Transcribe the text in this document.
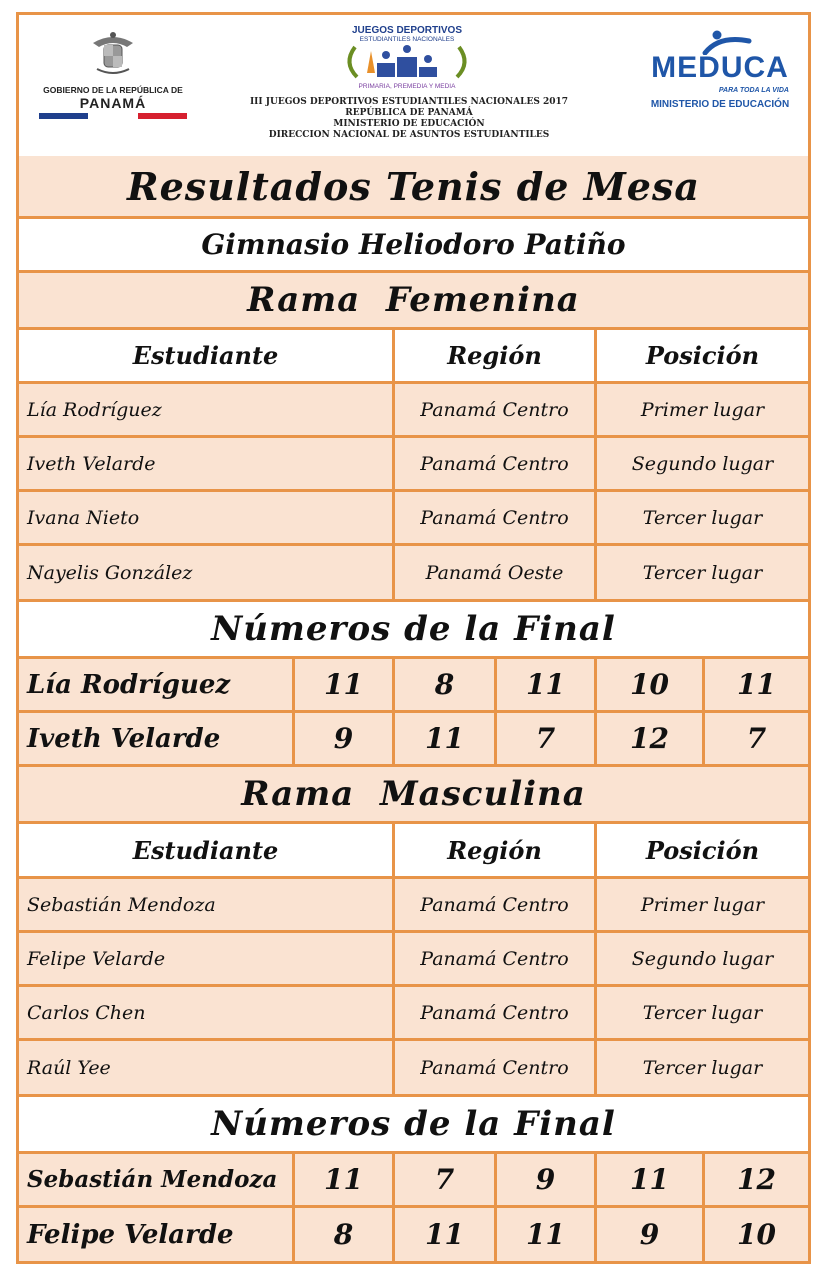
GOBIERNO DE LA REPÚBLICA DE
PANAMÁ
JUEGOS DEPORTIVOS
ESTUDIANTILES NACIONALES
PRIMARIA, PREMEDIA Y MEDIA
III JUEGOS DEPORTIVOS ESTUDIANTILES NACIONALES 2017
REPÚBLICA DE PANAMÁ
MINISTERIO DE EDUCACIÓN
DIRECCION NACIONAL DE ASUNTOS ESTUDIANTILES
MEDUCA
PARA TODA LA VIDA
MINISTERIO DE EDUCACIÓN
Resultados Tenis de Mesa
Gimnasio Heliodoro Patiño
Rama  Femenina
Estudiante	Región	Posición
Lía Rodríguez	Panamá Centro	Primer lugar
Iveth Velarde	Panamá Centro	Segundo lugar
Ivana Nieto	Panamá Centro	Tercer lugar
Nayelis González	Panamá Oeste	Tercer lugar
Números de la Final
Lía Rodríguez	11	8	11	10	11
Iveth Velarde	9	11	7	12	7
Rama  Masculina
Estudiante	Región	Posición
Sebastián Mendoza	Panamá Centro	Primer lugar
Felipe Velarde	Panamá Centro	Segundo lugar
Carlos Chen	Panamá Centro	Tercer lugar
Raúl Yee	Panamá Centro	Tercer lugar
Números de la Final
Sebastián Mendoza	11	7	9	11	12
Felipe Velarde	8	11	11	9	10
